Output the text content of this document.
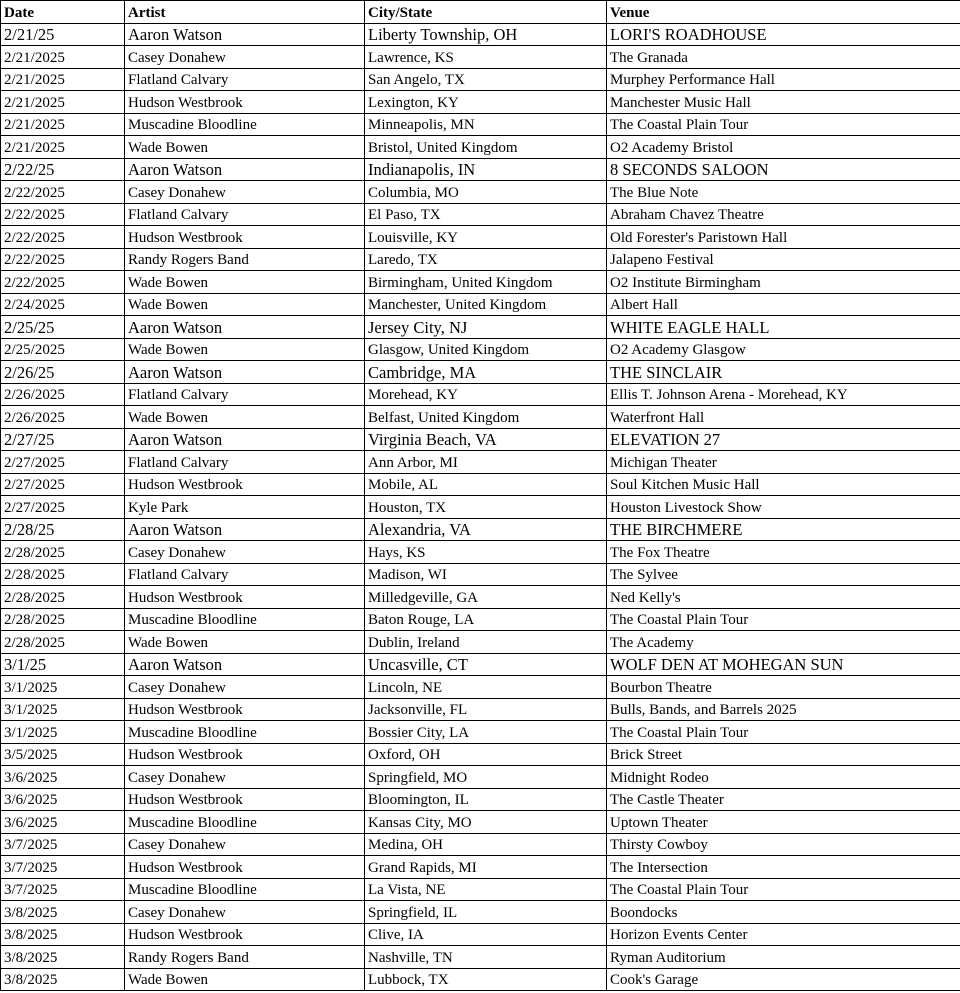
Date	Artist	City/State	Venue
2/21/25	Aaron Watson	Liberty Township, OH	LORI'S ROADHOUSE
2/21/2025	Casey Donahew	Lawrence, KS	The Granada
2/21/2025	Flatland Calvary	San Angelo, TX	Murphey Performance Hall
2/21/2025	Hudson Westbrook	Lexington, KY	Manchester Music Hall
2/21/2025	Muscadine Bloodline	Minneapolis, MN	The Coastal Plain Tour
2/21/2025	Wade Bowen	Bristol, United Kingdom	O2 Academy Bristol
2/22/25	Aaron Watson	Indianapolis, IN	8 SECONDS SALOON
2/22/2025	Casey Donahew	Columbia, MO	The Blue Note
2/22/2025	Flatland Calvary	El Paso, TX	Abraham Chavez Theatre
2/22/2025	Hudson Westbrook	Louisville, KY	Old Forester's Paristown Hall
2/22/2025	Randy Rogers Band	Laredo, TX	Jalapeno Festival
2/22/2025	Wade Bowen	Birmingham, United Kingdom	O2 Institute Birmingham
2/24/2025	Wade Bowen	Manchester, United Kingdom	Albert Hall
2/25/25	Aaron Watson	Jersey City, NJ	WHITE EAGLE HALL
2/25/2025	Wade Bowen	Glasgow, United Kingdom	O2 Academy Glasgow
2/26/25	Aaron Watson	Cambridge, MA	THE SINCLAIR
2/26/2025	Flatland Calvary	Morehead, KY	Ellis T. Johnson Arena - Morehead, KY
2/26/2025	Wade Bowen	Belfast, United Kingdom	Waterfront Hall
2/27/25	Aaron Watson	Virginia Beach, VA	ELEVATION 27
2/27/2025	Flatland Calvary	Ann Arbor, MI	Michigan Theater
2/27/2025	Hudson Westbrook	Mobile, AL	Soul Kitchen Music Hall
2/27/2025	Kyle Park	Houston, TX	Houston Livestock Show
2/28/25	Aaron Watson	Alexandria, VA	THE BIRCHMERE
2/28/2025	Casey Donahew	Hays, KS	The Fox Theatre
2/28/2025	Flatland Calvary	Madison, WI	The Sylvee
2/28/2025	Hudson Westbrook	Milledgeville, GA	Ned Kelly's
2/28/2025	Muscadine Bloodline	Baton Rouge, LA	The Coastal Plain Tour
2/28/2025	Wade Bowen	Dublin, Ireland	The Academy
3/1/25	Aaron Watson	Uncasville, CT	WOLF DEN AT MOHEGAN SUN
3/1/2025	Casey Donahew	Lincoln, NE	Bourbon Theatre
3/1/2025	Hudson Westbrook	Jacksonville, FL	Bulls, Bands, and Barrels 2025
3/1/2025	Muscadine Bloodline	Bossier City, LA	The Coastal Plain Tour
3/5/2025	Hudson Westbrook	Oxford, OH	Brick Street
3/6/2025	Casey Donahew	Springfield, MO	Midnight Rodeo
3/6/2025	Hudson Westbrook	Bloomington, IL	The Castle Theater
3/6/2025	Muscadine Bloodline	Kansas City, MO	Uptown Theater
3/7/2025	Casey Donahew	Medina, OH	Thirsty Cowboy
3/7/2025	Hudson Westbrook	Grand Rapids, MI	The Intersection
3/7/2025	Muscadine Bloodline	La Vista, NE	The Coastal Plain Tour
3/8/2025	Casey Donahew	Springfield, IL	Boondocks
3/8/2025	Hudson Westbrook	Clive, IA	Horizon Events Center
3/8/2025	Randy Rogers Band	Nashville, TN	Ryman Auditorium
3/8/2025	Wade Bowen	Lubbock, TX	Cook's Garage
